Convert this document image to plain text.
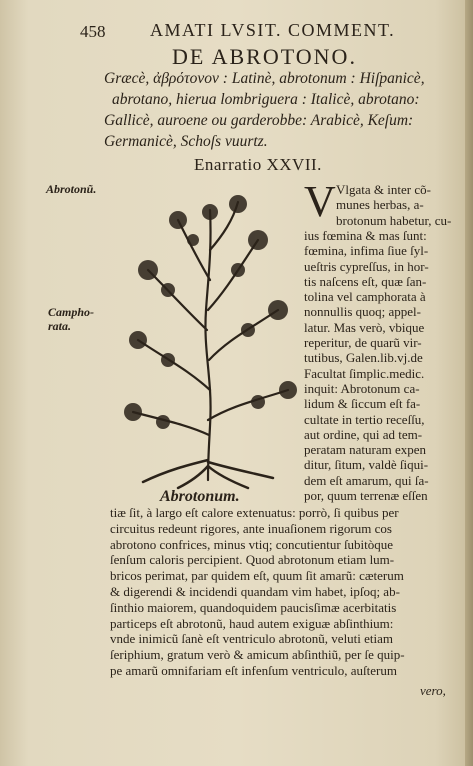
458 AMATI LVSIT. COMMENT.
DE ABROTONO.
Græcè, ἀβρότονον : Latinè, abrotonum : Hiſpanicè,
abrotano, hierua lombriguera : Italicè, abrotano:
Gallicè, auroene ou garderobbe: Arabicè, Keſum:
Germanicè, Schoſs vuurtz.
Enarratio XXVII.
Abrotonũ.
Campho-
rata.
Abrotonum.
V Vlgata & inter cõ-
munes herbas, a-
brotonum habetur, cu-
ius fœmina & mas ſunt:
fœmina, infima ſiue ſyl-
ueſtris cypreſſus, in hor-
tis naſcens eſt, quæ ſan-
tolina vel camphorata à
nonnullis quoq; appel-
latur. Mas verò, vbique
reperitur, de quarũ vir-
tutibus, Galen.lib.vj.de
Facultat ſimplic.medic.
inquit: Abrotonum ca-
lidum & ſiccum eſt fa-
cultate in tertio receſſu,
aut ordine, qui ad tem-
peratam naturam expen
ditur, ſitum, valdè ſiqui-
dem eſt amarum, qui ſa-
por, quum terrenæ eſſen
tiæ ſit, à largo eſt calore extenuatus: porrò, ſi quibus per
circuitus redeunt rigores, ante inuaſionem rigorum cos
abrotono confrices, minus vtiq; concutientur ſubitòque
ſenſum caloris percipient. Quod abrotonum etiam lum-
bricos perimat, par quidem eſt, quum ſit amarũ: cæterum
& digerendi & incidendi quandam vim habet, ipſoq; ab-
ſinthio maiorem, quandoquidem paucisſimæ acerbitatis
particeps eſt abrotonũ, haud autem exiguæ abſinthium:
vnde inimicũ ſanè eſt ventriculo abrotonũ, veluti etiam
ſeriphium, gratum verò & amicum abſinthiũ, per ſe quip-
pe amarũ omnifariam eſt infenſum ventriculo, auſterum
vero,
